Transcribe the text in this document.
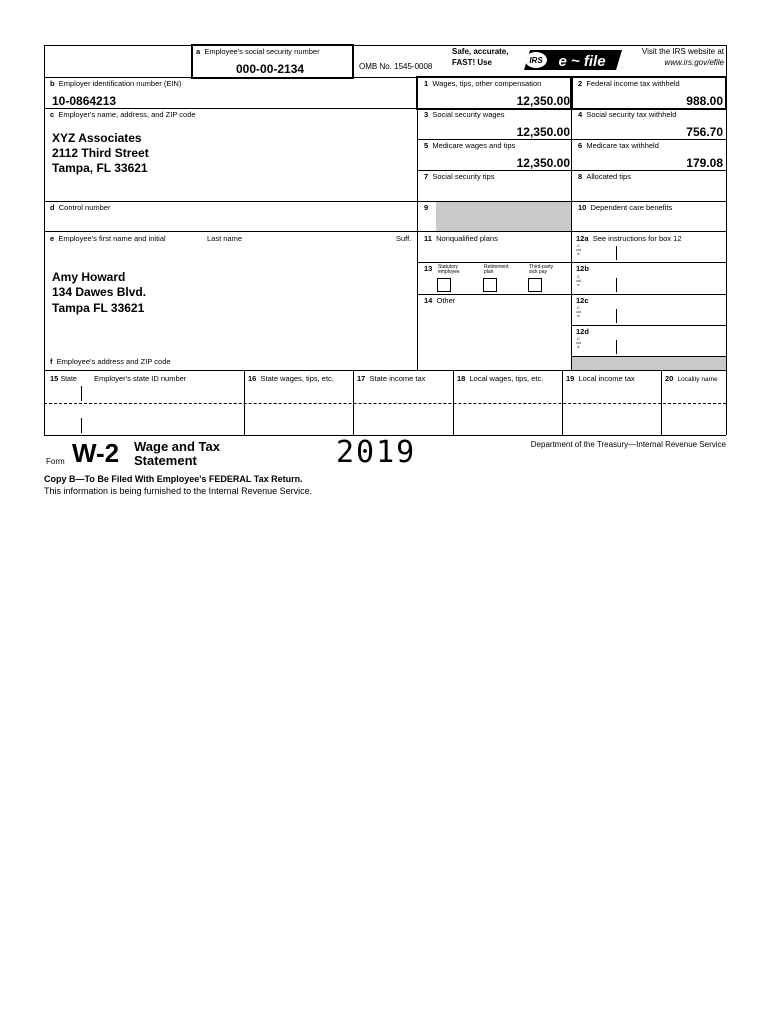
a Employee's social security number
000-00-2134	OMB No. 1545-0008
Safe, accurate,
FAST! Use	IRS e ~ file
Visit the IRS website at
www.irs.gov/efile
b Employer identification number (EIN)
10-0864213
c Employer's name, address, and ZIP code
XYZ Associates
2112 Third Street
Tampa, FL 33621
1 Wages, tips, other compensation
12,350.00
2 Federal income tax withheld
988.00
3 Social security wages
12,350.00
4 Social security tax withheld
756.70
5 Medicare wages and tips
12,350.00
6 Medicare tax withheld
179.08
7 Social security tips	8 Allocated tips
d Control number	9	10 Dependent care benefits
e Employee's first name and initial	Last name	Suff.
Amy Howard
134 Dawes Blvd.
Tampa FL 33621
f Employee's address and ZIP code
11 Nonqualified plans
13 Statutory employee
Retirement plan
Third-party sick pay
14 Other
12a See instructions for box 12
Code
12b
Code
12c
Code
12d
Code
15 State Employer's state ID number	16 State wages, tips, etc.	17 State income tax	18 Local wages, tips, etc.	19 Local income tax	20 Locality name
Form W-2 Wage and Tax
Statement	2019	Department of the Treasury—Internal Revenue Service
Copy B—To Be Filed With Employee's FEDERAL Tax Return.
This information is being furnished to the Internal Revenue Service.
